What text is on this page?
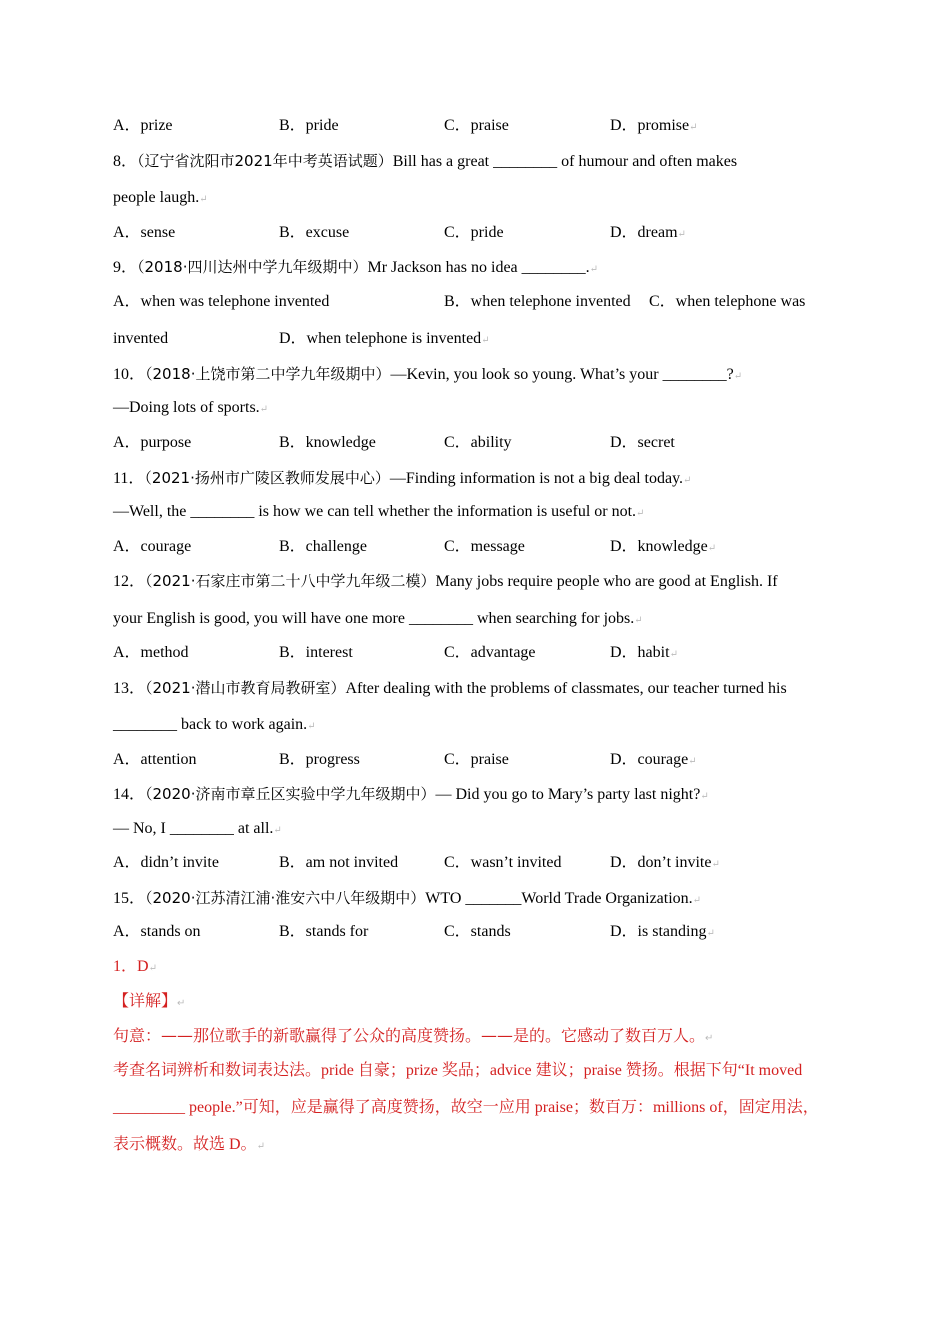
A．prize	B．pride	C．praise	D．promise↵
8．（辽宁省沈阳市2021年中考英语试题）Bill has a great ________ of humour and often makes
people laugh.↵
A．sense	B．excuse	C．pride	D．dream↵
9．（2018·四川达州中学九年级期中）Mr Jackson has no idea ________.↵
A．when was telephone invented	B．when telephone invented C．when telephone was
invented	D．when telephone is invented↵
10．（2018·上饶市第二中学九年级期中）—Kevin, you look so young. What’s your ________?↵
—Doing lots of sports.↵
A．purpose	B．knowledge	C．ability	D．secret
11．（2021·扬州市广陵区教师发展中心）—Finding information is not a big deal today.↵
—Well, the ________ is how we can tell whether the information is useful or not.↵
A．courage	B．challenge	C．message	D．knowledge↵
12．（2021·石家庄市第二十八中学九年级二模）Many jobs require people who are good at English. If
your English is good, you will have one more ________ when searching for jobs.↵
A．method	B．interest	C．advantage	D．habit↵
13．（2021·潜山市教育局教研室）After dealing with the problems of classmates, our teacher turned his
________ back to work again.↵
A．attention	B．progress	C．praise	D．courage↵
14．（2020·济南市章丘区实验中学九年级期中）— Did you go to Mary’s party last night?↵
— No, I ________ at all.↵
A．didn’t invite	B．am not invited	C．wasn’t invited	D．don’t invite↵
15．（2020·江苏清江浦·淮安六中八年级期中）WTO _______World Trade Organization.↵
A．stands on	B．stands for	C．stands	D．is standing↵
1．D↵
【详解】↵
句意：——那位歌手的新歌赢得了公众的高度赞扬。——是的。它感动了数百万人。↵
考查名词辨析和数词表达法。pride 自豪；prize 奖品；advice 建议；praise 赞扬。根据下句“It moved
_________ people.”可知，应是赢得了高度赞扬，故空一应用 praise；数百万：millions of，固定用法，
表示概数。故选 D。↵
